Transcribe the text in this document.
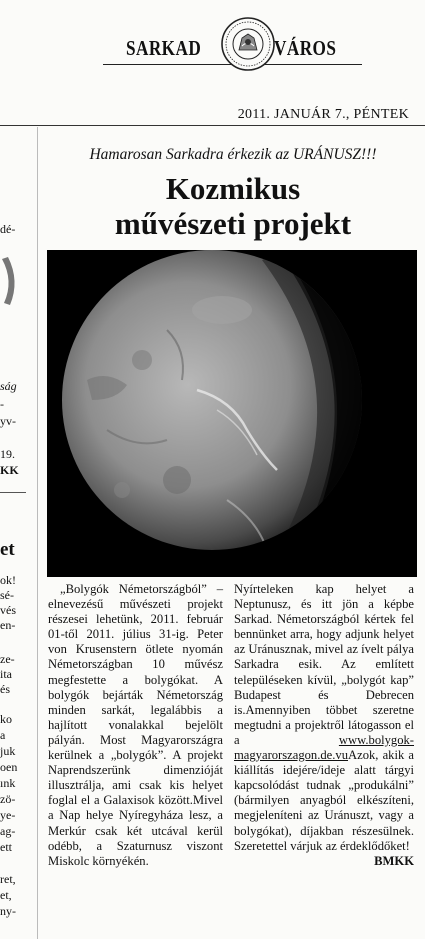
SARKAD	VÁROS
2011. JANUÁR 7., PÉNTEK
dé-
ság
-
yv-
19.
KK
et
ok!
sé-
vés
en-
ze-
ita
és
ko
a
juk
oen
ınk
zö-
ye-
ag-
ett
ret,
et,
ny-
Hamarosan Sarkadra érkezik az URÁNUSZ!!!
Kozmikus
művészeti projekt

„Bolygók Németországból” – elnevezésű művészeti projekt részesei lehetünk, 2011. február 01-től 2011. július 31-ig. Peter von Krusenstern ötlete nyomán Németországban 10 művész megfestette a bolygókat. A bolygók bejárták Németország minden sarkát, legalábbis a hajlított vonalakkal bejelölt pályán. Most Magyarországra kerülnek a „bolygók”. A projekt Naprendszerünk dimenzióját illusztrálja, ami csak kis helyet foglal el a Galaxisok között.Mivel a Nap helye Nyíregyháza lesz, a Merkúr csak két utcával kerül odébb, a Szaturnusz viszont Miskolc környékén.

Nyírteleken kap helyet a Neptunusz, és itt jön a képbe Sarkad. Németországból kértek fel bennünket arra, hogy adjunk helyet az Uránusznak, mivel az ívelt pálya Sarkadra esik. Az említett településeken kívül, „bolygót kap” Budapest és Debrecen is.Amennyiben többet szeretne megtudni a projektről látogasson el a www.bolygok-magyarorszagon.de.vuAzok, akik a kiállítás idejére/ideje alatt tárgyi kapcsolódást tudnak „produkálni” (bármilyen anyagból elkészíteni, megjeleníteni az Uránuszt, vagy a bolygókat), díjakban részesülnek. Szeretettel várjuk az érdeklődőket!
BMKK
